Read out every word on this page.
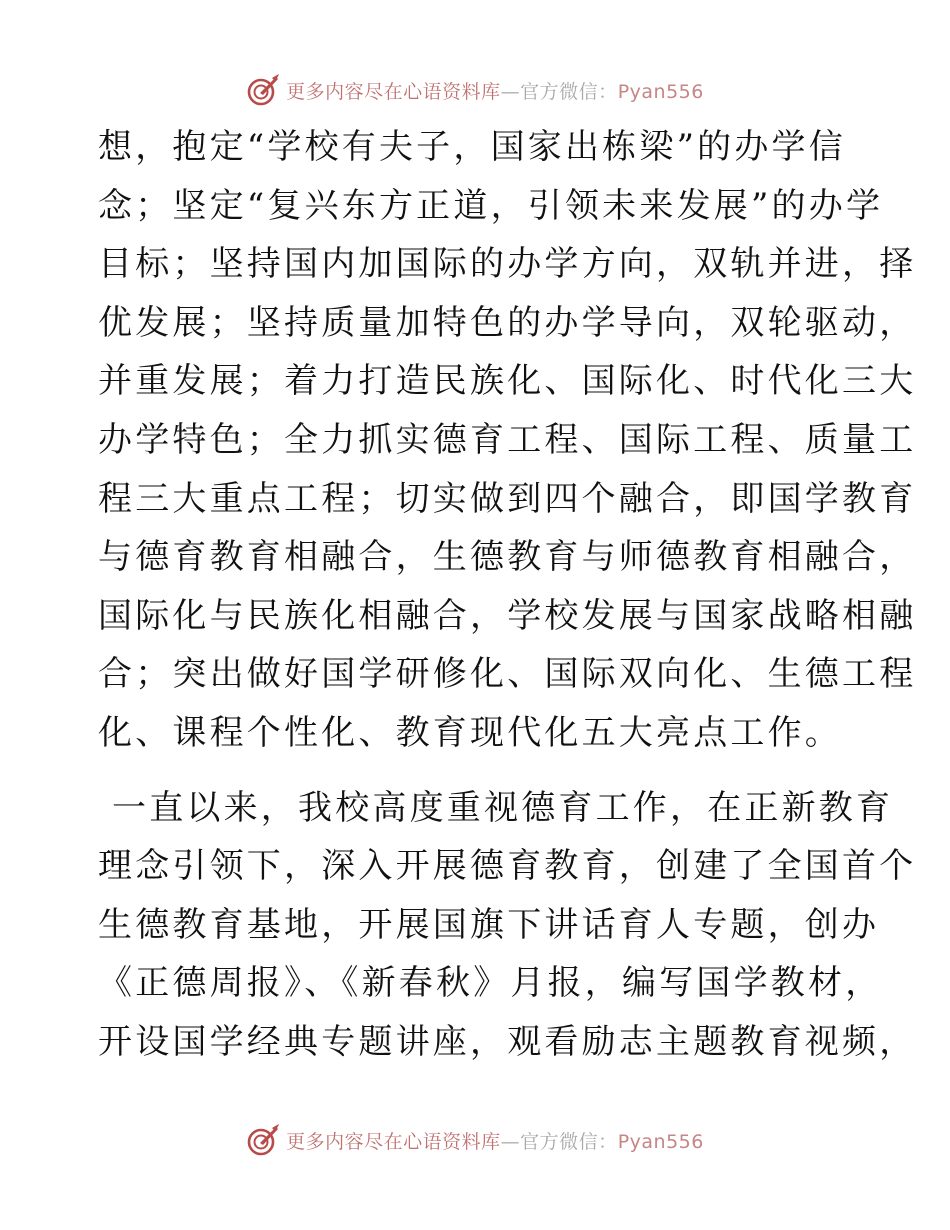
更多内容尽在心语资料库—官方微信：Pyan556

想，抱定“学校有夫子，国家出栋梁”的办学信
念；坚定“复兴东方正道，引领未来发展”的办学
目标；坚持国内加国际的办学方向，双轨并进，择
优发展；坚持质量加特色的办学导向，双轮驱动，
并重发展；着力打造民族化、国际化、时代化三大
办学特色；全力抓实德育工程、国际工程、质量工
程三大重点工程；切实做到四个融合，即国学教育
与德育教育相融合，生德教育与师德教育相融合，
国际化与民族化相融合，学校发展与国家战略相融
合；突出做好国学研修化、国际双向化、生德工程
化、课程个性化、教育现代化五大亮点工作。

一直以来，我校高度重视德育工作，在正新教育
理念引领下，深入开展德育教育，创建了全国首个
生德教育基地，开展国旗下讲话育人专题，创办
《正德周报》、《新春秋》月报，编写国学教材，
开设国学经典专题讲座，观看励志主题教育视频，

更多内容尽在心语资料库—官方微信：Pyan556
